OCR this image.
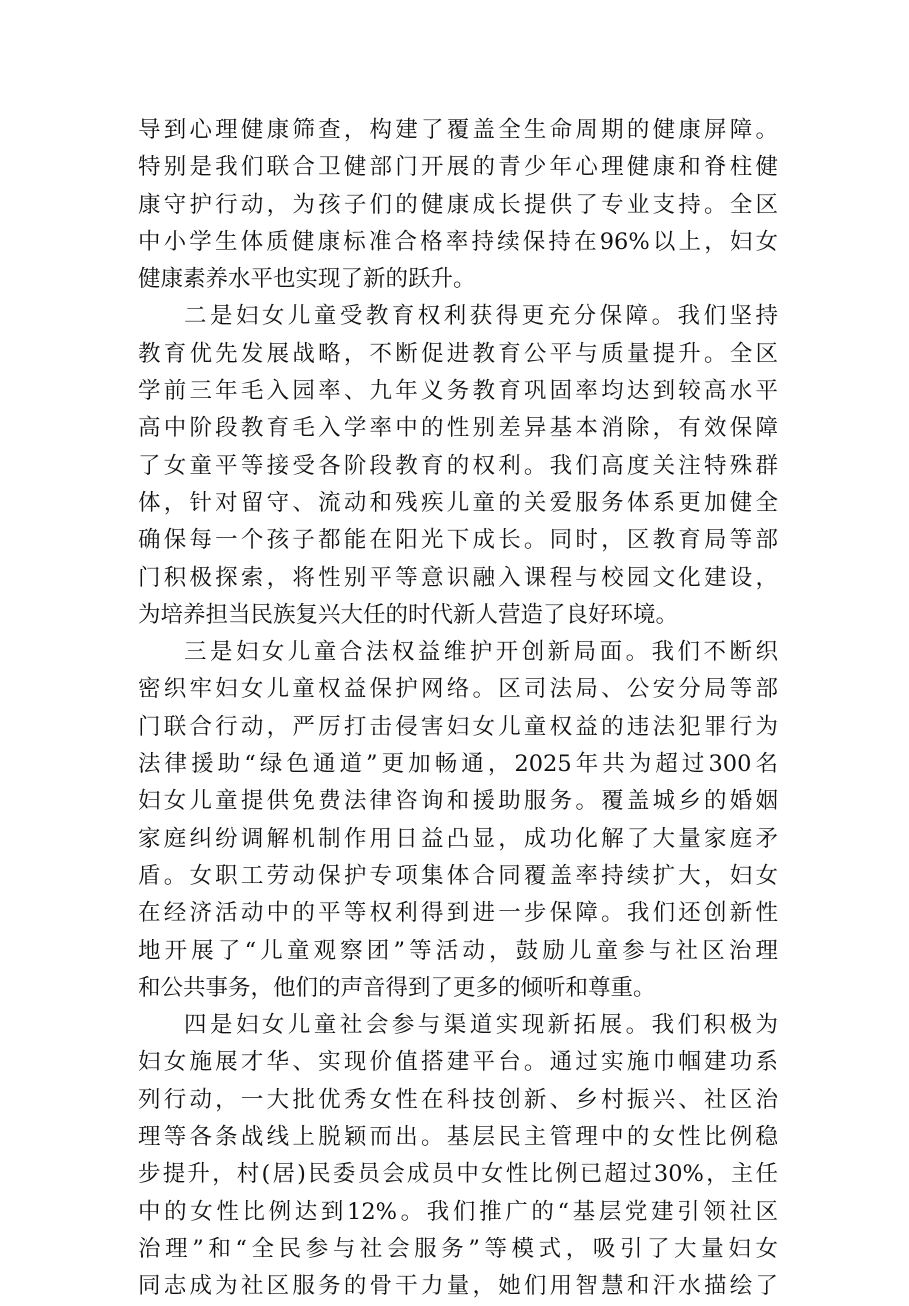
导到心理健康筛查，构建了覆盖全生命周期的健康屏障。
特别是我们联合卫健部门开展的青少年心理健康和脊柱健
康守护行动，为孩子们的健康成长提供了专业支持。全区
中小学生体质健康标准合格率持续保持在96%以上，妇女
健康素养水平也实现了新的跃升。
二是妇女儿童受教育权利获得更充分保障。我们坚持
教育优先发展战略，不断促进教育公平与质量提升。全区
学前三年毛入园率、九年义务教育巩固率均达到较高水平
高中阶段教育毛入学率中的性别差异基本消除，有效保障
了女童平等接受各阶段教育的权利。我们高度关注特殊群
体，针对留守、流动和残疾儿童的关爱服务体系更加健全
确保每一个孩子都能在阳光下成长。同时，区教育局等部
门积极探索，将性别平等意识融入课程与校园文化建设，
为培养担当民族复兴大任的时代新人营造了良好环境。
三是妇女儿童合法权益维护开创新局面。我们不断织
密织牢妇女儿童权益保护网络。区司法局、公安分局等部
门联合行动，严厉打击侵害妇女儿童权益的违法犯罪行为
法律援助“绿色通道”更加畅通，2025年共为超过300名
妇女儿童提供免费法律咨询和援助服务。覆盖城乡的婚姻
家庭纠纷调解机制作用日益凸显，成功化解了大量家庭矛
盾。女职工劳动保护专项集体合同覆盖率持续扩大，妇女
在经济活动中的平等权利得到进一步保障。我们还创新性
地开展了“儿童观察团”等活动，鼓励儿童参与社区治理
和公共事务，他们的声音得到了更多的倾听和尊重。
四是妇女儿童社会参与渠道实现新拓展。我们积极为
妇女施展才华、实现价值搭建平台。通过实施巾帼建功系
列行动，一大批优秀女性在科技创新、乡村振兴、社区治
理等各条战线上脱颖而出。基层民主管理中的女性比例稳
步提升，村(居)民委员会成员中女性比例已超过30%，主任
中的女性比例达到12%。我们推广的“基层党建引领社区
治理”和“全民参与社会服务”等模式，吸引了大量妇女
同志成为社区服务的骨干力量，她们用智慧和汗水描绘了
